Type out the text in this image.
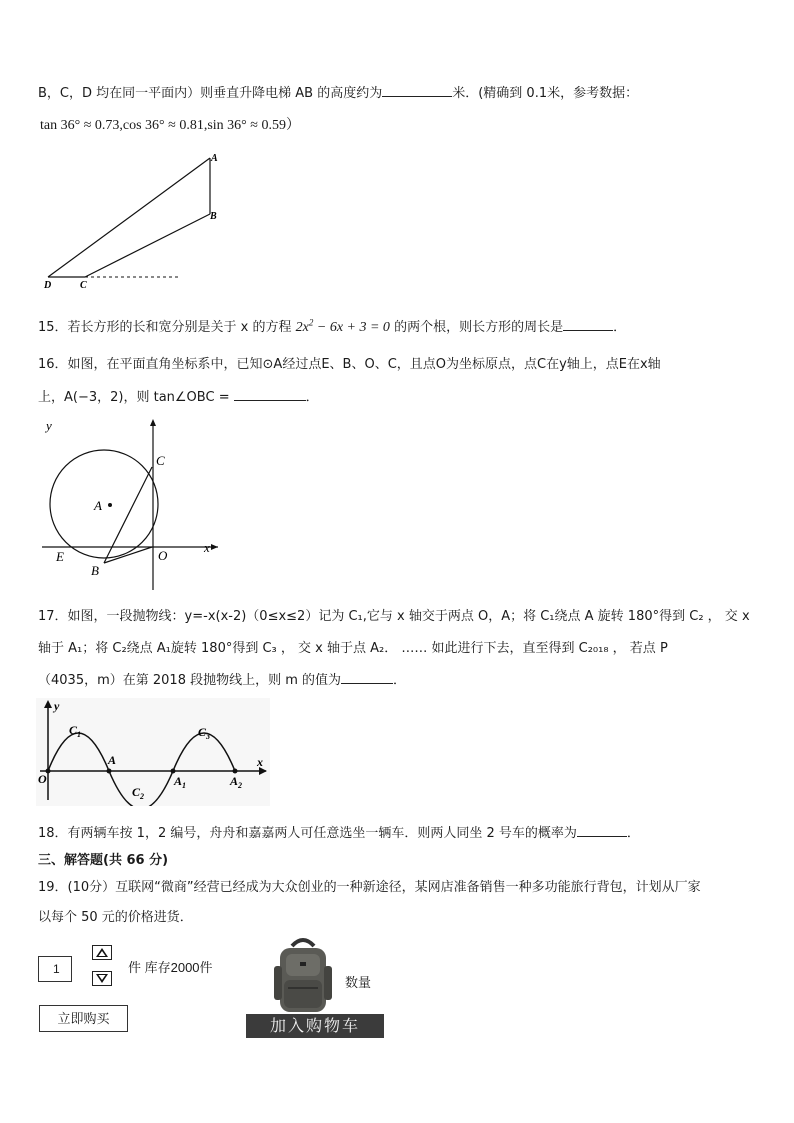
B，C，D 均在同一平面内）则垂直升降电梯 AB 的高度约为	米．(精确到 0.1米，参考数据：
tan 36° ≈ 0.73,cos 36° ≈ 0.81,sin 36° ≈ 0.59）
A
B
C
D
15．若长方形的长和宽分别是关于 x 的方程 $2x^2 - 6x + 3 = 0$ 的两个根，则长方形的周长是	．
16．如图，在平面直角坐标系中，已知⊙A经过点E、B、O、C，且点O为坐标原点，点C在y轴上，点E在x轴
上，A(−3，2)，则 tan∠OBC =	．
y
x
C
A
E	O
B
17．如图，一段抛物线：y=-x(x-2)（0≤x≤2）记为 C₁,它与 x 轴交于两点 O，A；将 C₁绕点 A 旋转 180°得到 C₂ ， 交 x
轴于 A₁；将 C₂绕点 A₁旋转 180°得到 C₃ ， 交 x 轴于点 A₂． …… 如此进行下去，直至得到 C₂₀₁₈ ， 若点 P
（4035，m）在第 2018 段抛物线上，则 m 的值为	．
y
x
O
A
$A_1$	$A_2$
$C_1$
$C_2$
$C_3$
18．有两辆车按 1，2 编号，舟舟和嘉嘉两人可任意选坐一辆车．则两人同坐 2 号车的概率为	．
三、解答题(共 66 分)
19．(10分）互联网“微商”经营已经成为大众创业的一种新途径，某网店准备销售一种多功能旅行背包，计划从厂家
以每个 50 元的价格进货．
1	件 库存2000件
立即购买
数量
加入购物车
